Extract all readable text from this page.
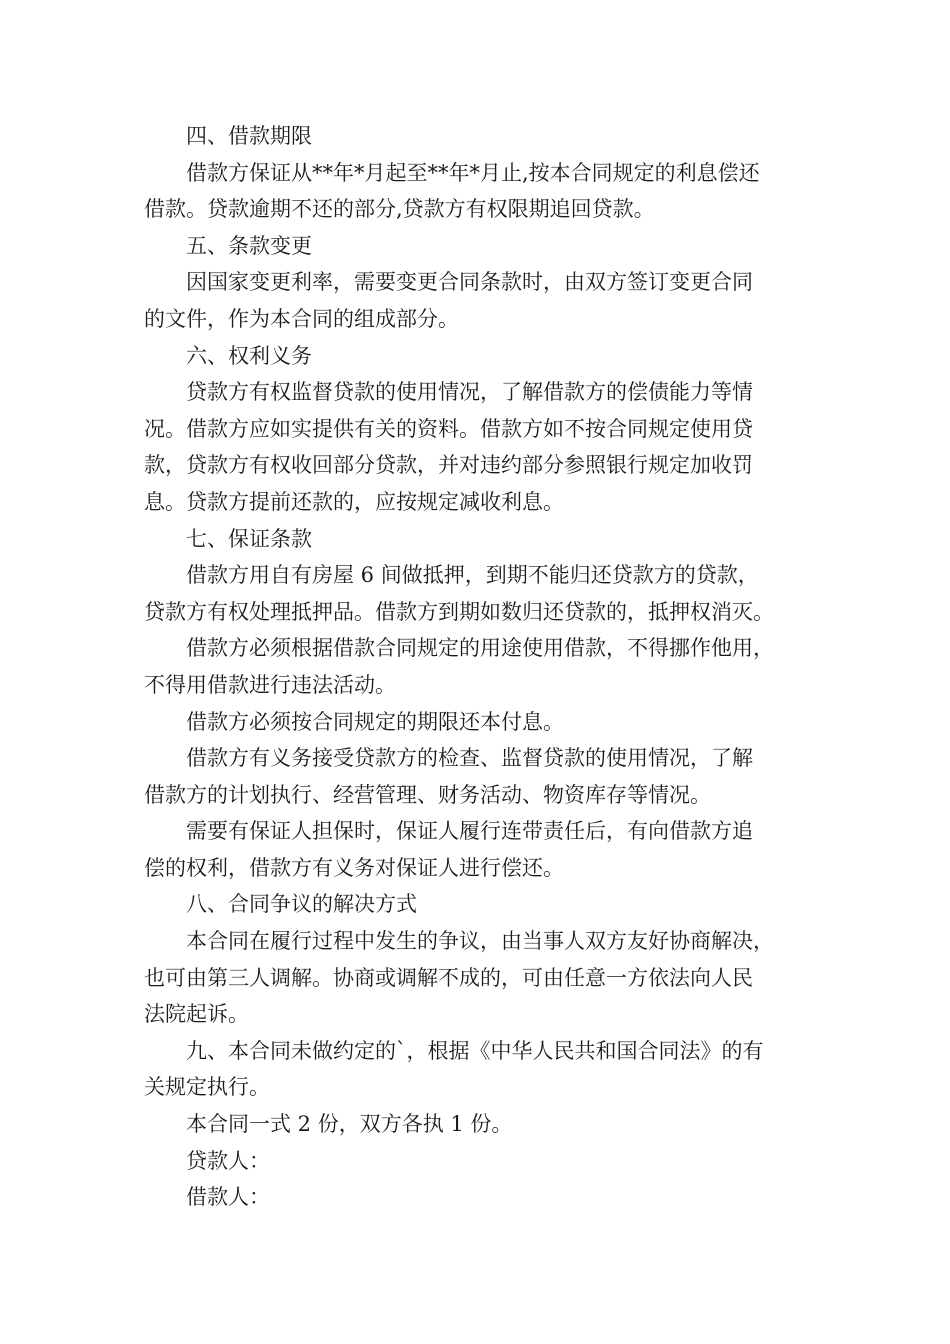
四、借款期限

借款方保证从**年*月起至**年*月止,按本合同规定的利息偿还
借款。贷款逾期不还的部分,贷款方有权限期追回贷款。

五、条款变更

因国家变更利率，需要变更合同条款时，由双方签订变更合同
的文件，作为本合同的组成部分。

六、权利义务

贷款方有权监督贷款的使用情况，了解借款方的偿债能力等情
况。借款方应如实提供有关的资料。借款方如不按合同规定使用贷
款，贷款方有权收回部分贷款，并对违约部分参照银行规定加收罚
息。贷款方提前还款的，应按规定减收利息。

七、保证条款

借款方用自有房屋 6 间做抵押，到期不能归还贷款方的贷款，
贷款方有权处理抵押品。借款方到期如数归还贷款的，抵押权消灭。

借款方必须根据借款合同规定的用途使用借款，不得挪作他用，
不得用借款进行违法活动。

借款方必须按合同规定的期限还本付息。

借款方有义务接受贷款方的检查、监督贷款的使用情况，了解
借款方的计划执行、经营管理、财务活动、物资库存等情况。

需要有保证人担保时，保证人履行连带责任后，有向借款方追
偿的权利，借款方有义务对保证人进行偿还。

八、合同争议的解决方式

本合同在履行过程中发生的争议，由当事人双方友好协商解决，
也可由第三人调解。协商或调解不成的，可由任意一方依法向人民
法院起诉。

九、本合同未做约定的`，根据《中华人民共和国合同法》的有
关规定执行。

本合同一式 2 份，双方各执 1 份。

贷款人：

借款人：
